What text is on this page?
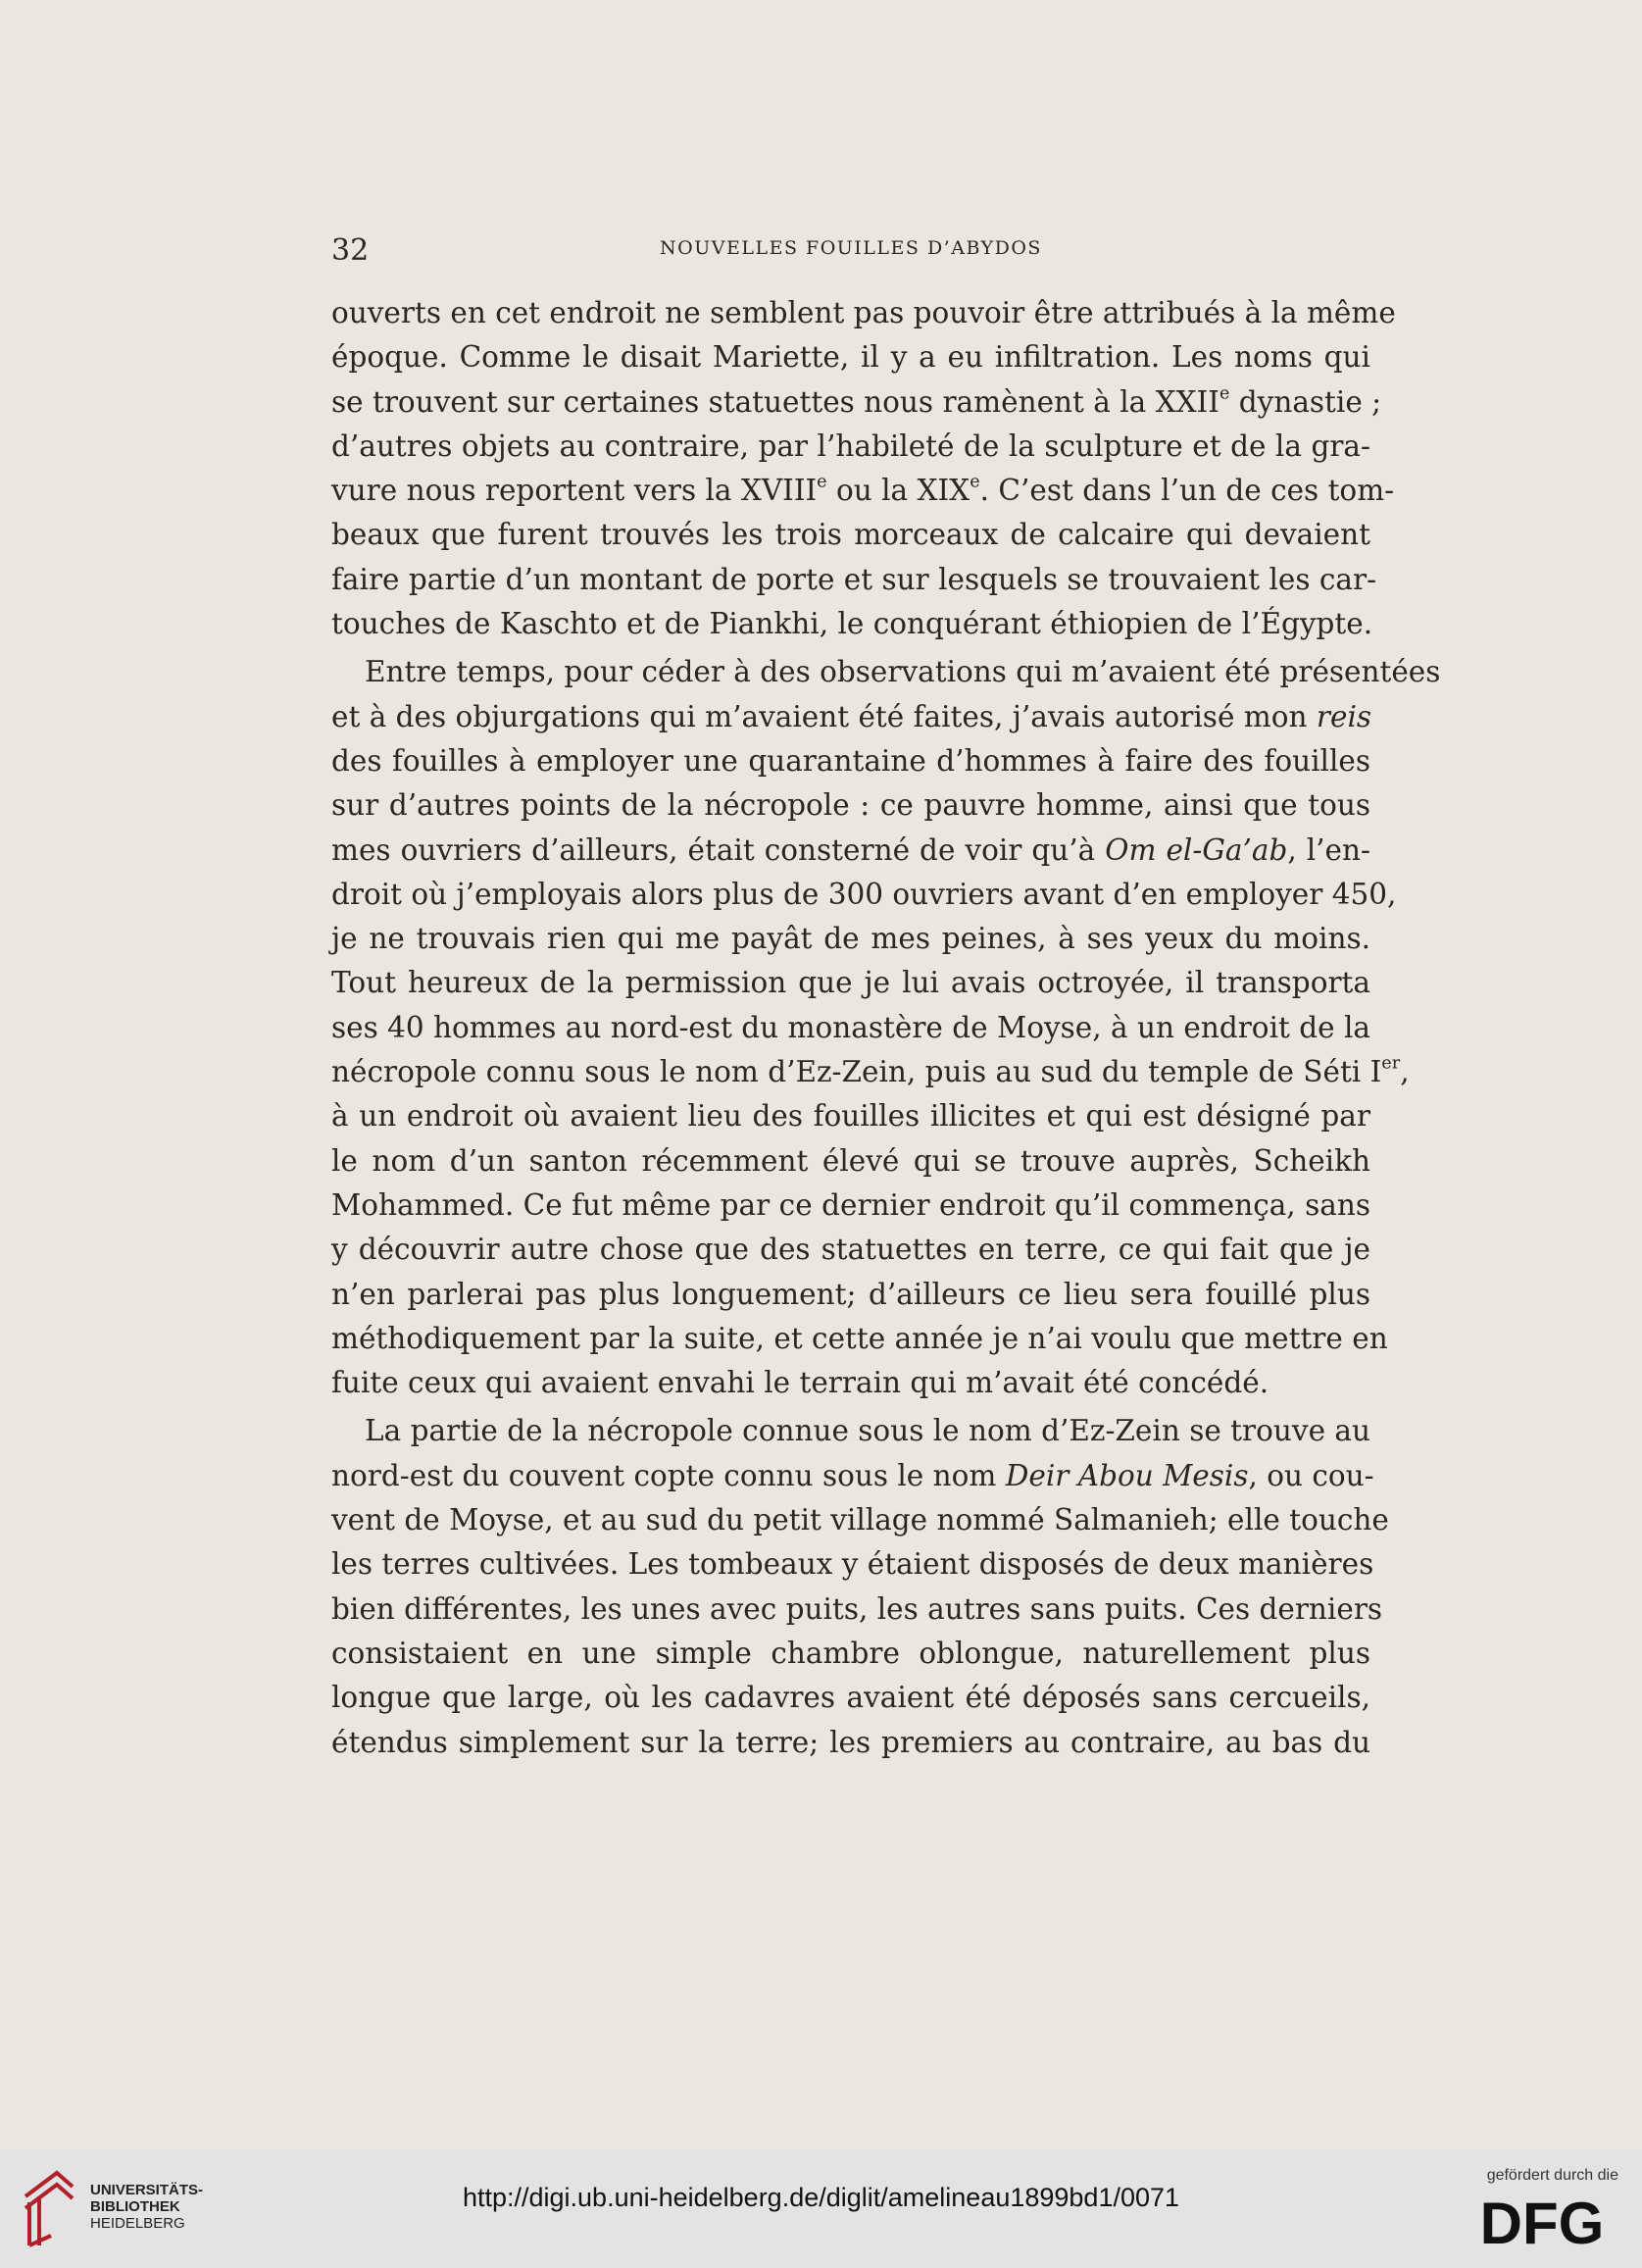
32	NOUVELLES FOUILLES D’ABYDOS
ouverts en cet endroit ne semblent pas pouvoir être attribués à la même
époque. Comme le disait Mariette, il y a eu infiltration. Les noms qui
se trouvent sur certaines statuettes nous ramènent à la XXIIe dynastie ;
d’autres objets au contraire, par l’habileté de la sculpture et de la gra-
vure nous reportent vers la XVIIIe ou la XIXe. C’est dans l’un de ces tom-
beaux que furent trouvés les trois morceaux de calcaire qui devaient
faire partie d’un montant de porte et sur lesquels se trouvaient les car-
touches de Kaschto et de Piankhi, le conquérant éthiopien de l’Égypte.
Entre temps, pour céder à des observations qui m’avaient été présentées
et à des objurgations qui m’avaient été faites, j’avais autorisé mon reis
des fouilles à employer une quarantaine d’hommes à faire des fouilles
sur d’autres points de la nécropole : ce pauvre homme, ainsi que tous
mes ouvriers d’ailleurs, était consterné de voir qu’à Om el-Ga’ab, l’en-
droit où j’employais alors plus de 300 ouvriers avant d’en employer 450,
je ne trouvais rien qui me payât de mes peines, à ses yeux du moins.
Tout heureux de la permission que je lui avais octroyée, il transporta
ses 40 hommes au nord-est du monastère de Moyse, à un endroit de la
nécropole connu sous le nom d’Ez-Zein, puis au sud du temple de Séti Ier,
à un endroit où avaient lieu des fouilles illicites et qui est désigné par
le nom d’un santon récemment élevé qui se trouve auprès, Scheikh
Mohammed. Ce fut même par ce dernier endroit qu’il commença, sans
y découvrir autre chose que des statuettes en terre, ce qui fait que je
n’en parlerai pas plus longuement; d’ailleurs ce lieu sera fouillé plus
méthodiquement par la suite, et cette année je n’ai voulu que mettre en
fuite ceux qui avaient envahi le terrain qui m’avait été concédé.
La partie de la nécropole connue sous le nom d’Ez-Zein se trouve au
nord-est du couvent copte connu sous le nom Deir Abou Mesis, ou cou-
vent de Moyse, et au sud du petit village nommé Salmanieh; elle touche
les terres cultivées. Les tombeaux y étaient disposés de deux manières
bien différentes, les unes avec puits, les autres sans puits. Ces derniers
consistaient en une simple chambre oblongue, naturellement plus
longue que large, où les cadavres avaient été déposés sans cercueils,
étendus simplement sur la terre; les premiers au contraire, au bas du
UNIVERSITÄTS-
BIBLIOTHEK
HEIDELBERG
http://digi.ub.uni-heidelberg.de/diglit/amelineau1899bd1/0071
gefördert durch die
DFG
